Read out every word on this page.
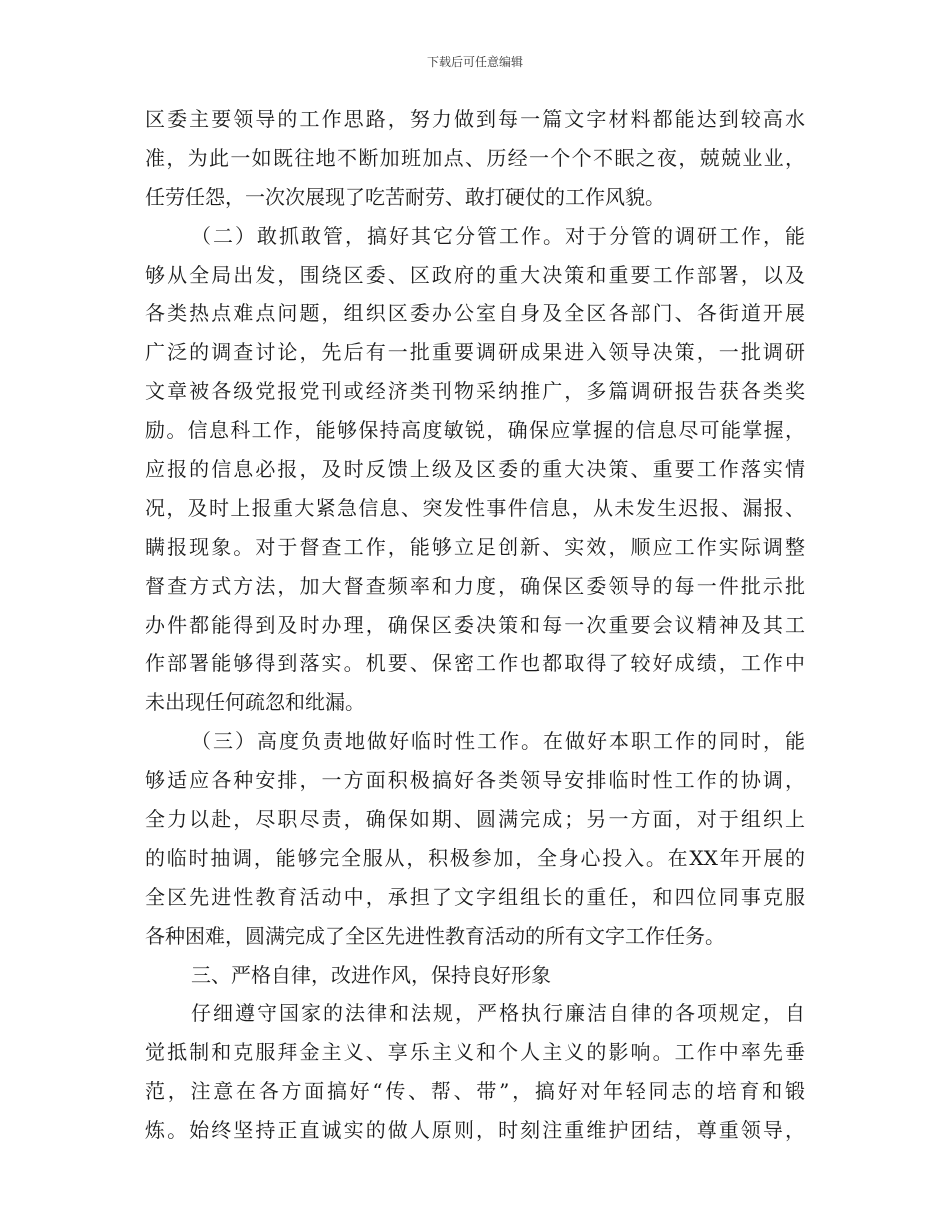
下载后可任意编辑
区委主要领导的工作思路，努力做到每一篇文字材料都能达到较高水
准，为此一如既往地不断加班加点、历经一个个不眠之夜，兢兢业业，
任劳任怨，一次次展现了吃苦耐劳、敢打硬仗的工作风貌。
（二）敢抓敢管，搞好其它分管工作。对于分管的调研工作，能
够从全局出发，围绕区委、区政府的重大决策和重要工作部署，以及
各类热点难点问题，组织区委办公室自身及全区各部门、各街道开展
广泛的调查讨论，先后有一批重要调研成果进入领导决策，一批调研
文章被各级党报党刊或经济类刊物采纳推广，多篇调研报告获各类奖
励。信息科工作，能够保持高度敏锐，确保应掌握的信息尽可能掌握，
应报的信息必报，及时反馈上级及区委的重大决策、重要工作落实情
况，及时上报重大紧急信息、突发性事件信息，从未发生迟报、漏报、
瞒报现象。对于督查工作，能够立足创新、实效，顺应工作实际调整
督查方式方法，加大督查频率和力度，确保区委领导的每一件批示批
办件都能得到及时办理，确保区委决策和每一次重要会议精神及其工
作部署能够得到落实。机要、保密工作也都取得了较好成绩，工作中
未出现任何疏忽和纰漏。
（三）高度负责地做好临时性工作。在做好本职工作的同时，能
够适应各种安排，一方面积极搞好各类领导安排临时性工作的协调，
全力以赴，尽职尽责，确保如期、圆满完成；另一方面，对于组织上
的临时抽调，能够完全服从，积极参加，全身心投入。在XX年开展的
全区先进性教育活动中，承担了文字组组长的重任，和四位同事克服
各种困难，圆满完成了全区先进性教育活动的所有文字工作任务。
三、严格自律，改进作风，保持良好形象
仔细遵守国家的法律和法规，严格执行廉洁自律的各项规定，自
觉抵制和克服拜金主义、享乐主义和个人主义的影响。工作中率先垂
范，注意在各方面搞好“传、帮、带”，搞好对年轻同志的培育和锻
炼。始终坚持正直诚实的做人原则，时刻注重维护团结，尊重领导，
